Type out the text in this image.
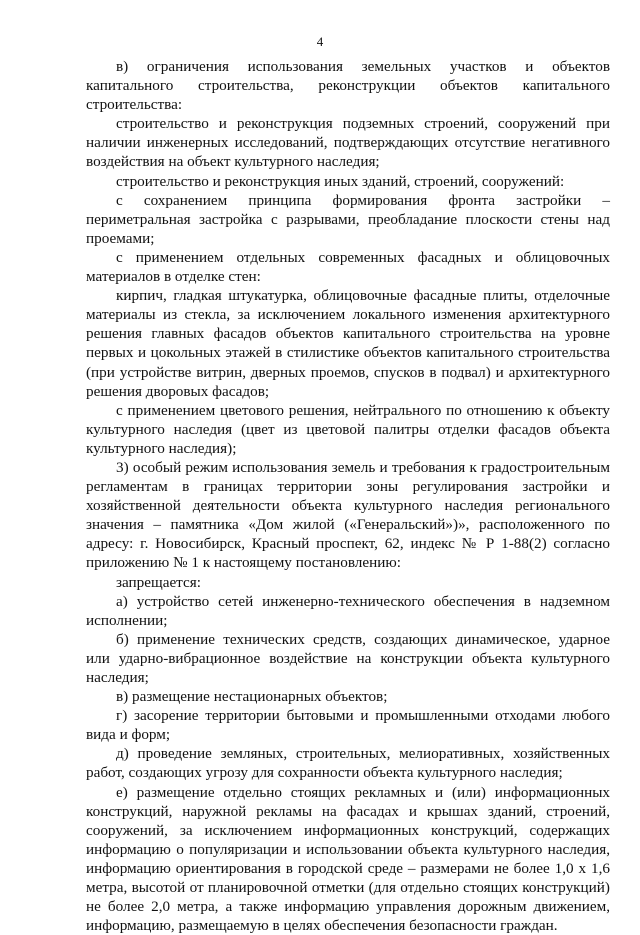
4

в) ограничения использования земельных участков и объектов капитального строительства, реконструкции объектов капитального строительства:

строительство и реконструкция подземных строений, сооружений при наличии инженерных исследований, подтверждающих отсутствие негативного воздействия на объект культурного наследия;

строительство и реконструкция иных зданий, строений, сооружений:

с сохранением принципа формирования фронта застройки – периметральная застройка с разрывами, преобладание плоскости стены над проемами;

с применением отдельных современных фасадных и облицовочных материалов в отделке стен:

кирпич, гладкая штукатурка, облицовочные фасадные плиты, отделочные материалы из стекла, за исключением локального изменения архитектурного решения главных фасадов объектов капитального строительства на уровне первых и цокольных этажей в стилистике объектов капитального строительства (при устройстве витрин, дверных проемов, спусков в подвал) и архитектурного решения дворовых фасадов;

с применением цветового решения, нейтрального по отношению к объекту культурного наследия (цвет из цветовой палитры отделки фасадов объекта культурного наследия);

3) особый режим использования земель и требования к градостроительным регламентам в границах территории зоны регулирования застройки и хозяйственной деятельности объекта культурного наследия регионального значения – памятника «Дом жилой («Генеральский»)», расположенного по адресу: г. Новосибирск, Красный проспект, 62, индекс № Р 1-88(2) согласно приложению № 1 к настоящему постановлению:

запрещается:

а) устройство сетей инженерно-технического обеспечения в надземном исполнении;

б) применение технических средств, создающих динамическое, ударное или ударно-вибрационное воздействие на конструкции объекта культурного наследия;

в) размещение нестационарных объектов;

г) засорение территории бытовыми и промышленными отходами любого вида и форм;

д) проведение земляных, строительных, мелиоративных, хозяйственных работ, создающих угрозу для сохранности объекта культурного наследия;

е) размещение отдельно стоящих рекламных и (или) информационных конструкций, наружной рекламы на фасадах и крышах зданий, строений, сооружений, за исключением информационных конструкций, содержащих информацию о популяризации и использовании объекта культурного наследия, информацию ориентирования в городской среде – размерами не более 1,0 х 1,6 метра, высотой от планировочной отметки (для отдельно стоящих конструкций) не более 2,0 метра, а также информацию управления дорожным движением, информацию, размещаемую в целях обеспечения безопасности граждан.
